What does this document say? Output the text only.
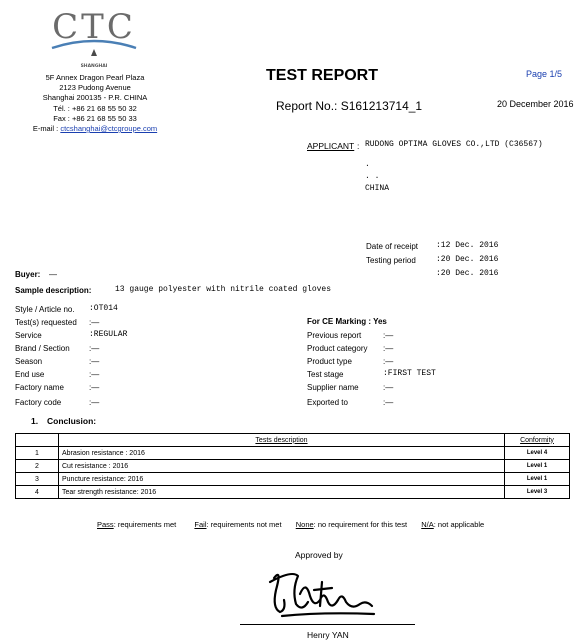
CTC
SHANGHAI
5F Annex Dragon Pearl Plaza
2123 Pudong Avenue
Shanghai 200135 - P.R. CHINA
Tél. : +86 21 68 55 50 32
Fax : +86 21 68 55 50 33
E-mail : ctcshanghai@ctcgroupe.com
TEST REPORT	Page 1/5
Report No.: S161213714_1	20 December 2016
APPLICANT : RUDONG OPTIMA GLOVES CO.,LTD (C36567)
.
. .
CHINA
Date of receipt :12 Dec. 2016
Testing period	:20 Dec. 2016
:20 Dec. 2016
Buyer: —
Sample description:	13 gauge polyester with nitrile coated gloves
Style / Article no. :OT014
Test(s) requested :—
Service	:REGULAR
Brand / Section :—
Season	:—
End use	:—
Factory name	:—
Factory code	:—
For CE Marking : Yes
Previous report	:—
Product category :—
Product type	:—
Test stage	:FIRST TEST
Supplier name	:—
Exported to	:—
1. Conclusion:
	Tests description	Conformity
1	Abrasion resistance : 2016	Level 4
2	Cut resistance : 2016	Level 1
3	Puncture resistance: 2016	Level 1
4	Tear strength resistance: 2016	Level 3
Pass: requirements met Fail: requirements not met None: no requirement for this test N/A: not applicable
Approved by
Henry YAN
